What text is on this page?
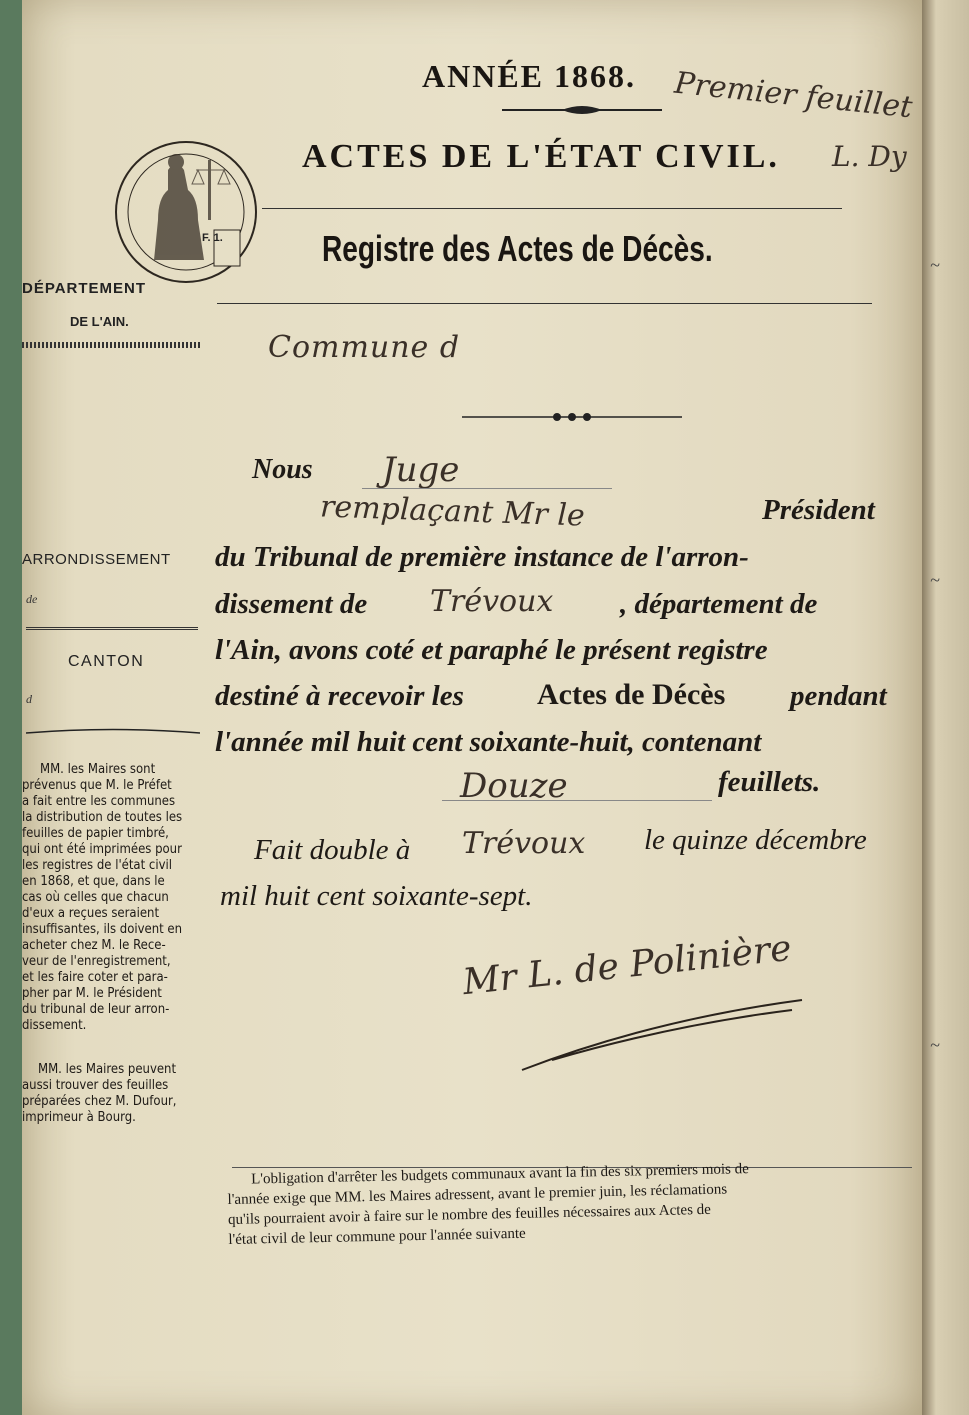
~
~
~
F. 1.
ANNÉE 1868.
ACTES DE L'ÉTAT CIVIL.
Registre des Actes de Décès.
Premier feuillet
L. Dy
DÉPARTEMENT
DE L'AIN.
ARRONDISSEMENT
de
CANTON
d
MM. les Maires sont
prévenus que M. le Préfet
a fait entre les communes
la distribution de toutes les
feuilles de papier timbré,
qui ont été imprimées pour
les registres de l'état civil
en 1868, et que, dans le
cas où celles que chacun
d'eux a reçues seraient
insuffisantes, ils doivent en
acheter chez M. le Rece-
veur de l'enregistrement,
et les faire coter et para-
pher par M. le Président
du tribunal de leur arron-
dissement.
MM. les Maires peuvent
aussi trouver des feuilles
préparées chez M. Dufour,
imprimeur à Bourg.
Commune d
Nous Juge
remplaçant Mr le	Président
du Tribunal de première instance de l'arron-
dissement de Trévoux , département de
l'Ain, avons coté et paraphé le présent registre
destiné à recevoir les Actes de Décès pendant
l'année mil huit cent soixante-huit, contenant
Douze	feuillets.
Fait double à Trévoux le quinze décembre
mil huit cent soixante-sept.
Mr L. de Polinière
L'obligation d'arrêter les budgets communaux avant la fin des six premiers mois de
l'année exige que MM. les Maires adressent, avant le premier juin, les réclamations
qu'ils pourraient avoir à faire sur le nombre des feuilles nécessaires aux Actes de
l'état civil de leur commune pour l'année suivante
